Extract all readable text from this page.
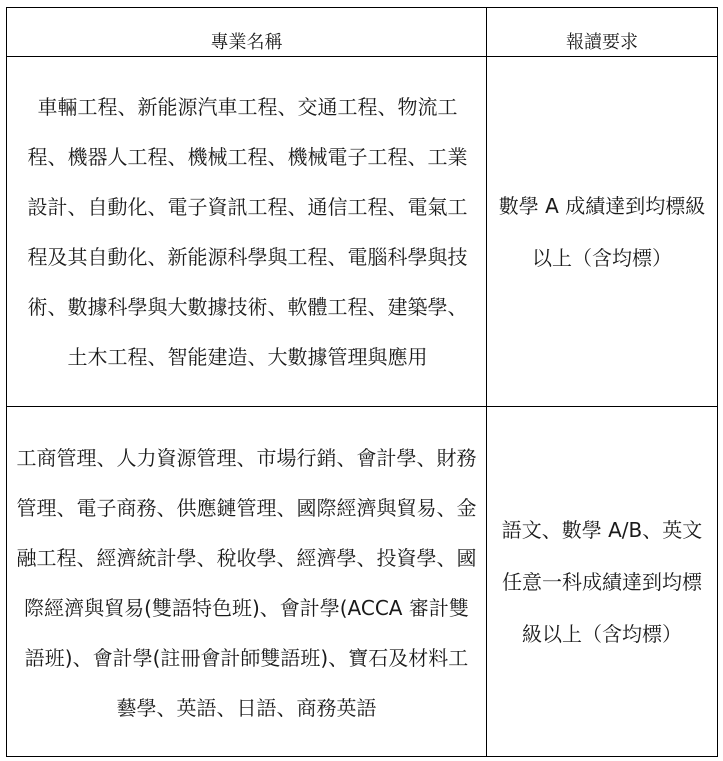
專業名稱	報讀要求

車輛工程、新能源汽車工程、交通工程、物流工程、機器人工程、機械工程、機械電子工程、工業設計、自動化、電子資訊工程、通信工程、電氣工程及其自動化、新能源科學與工程、電腦科學與技術、數據科學與大數據技術、軟體工程、建築學、土木工程、智能建造、大數據管理與應用	數學 A 成績達到均標級以上（含均標）

工商管理、人力資源管理、市場行銷、會計學、財務管理、電子商務、供應鏈管理、國際經濟與貿易、金融工程、經濟統計學、稅收學、經濟學、投資學、國際經濟與貿易(雙語特色班)、會計學(ACCA 審計雙語班)、會計學(註冊會計師雙語班)、寶石及材料工藝學、英語、日語、商務英語	語文、數學 A/B、英文任意一科成績達到均標級以上（含均標）
